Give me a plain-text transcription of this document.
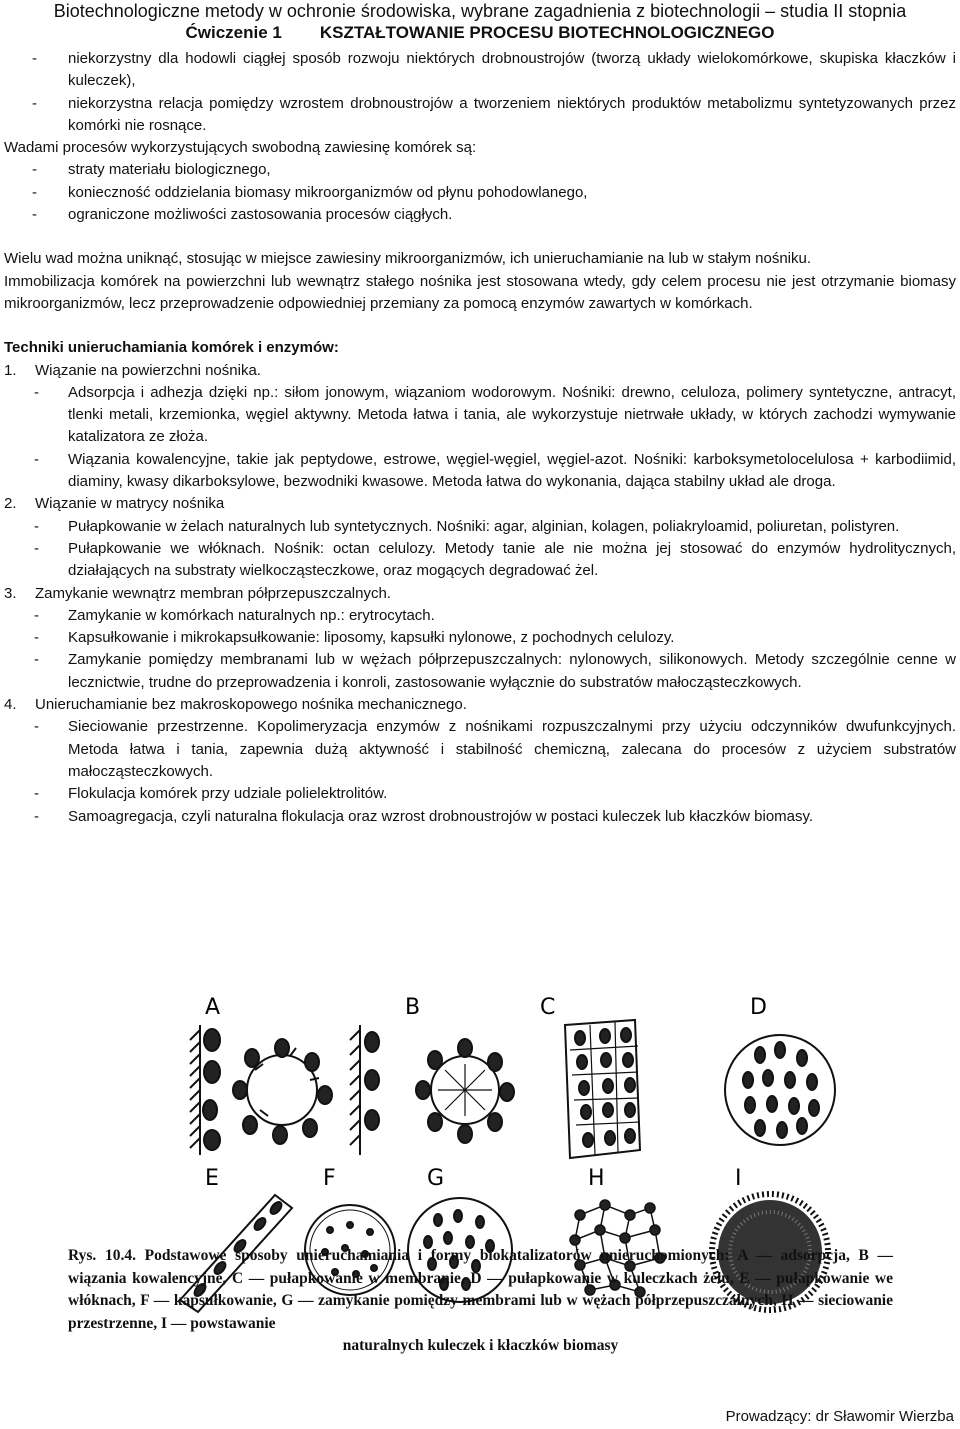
Biotechnologiczne metody w ochronie środowiska, wybrane zagadnienia z biotechnologii – studia II stopnia
Ćwiczenie 1 KSZTAŁTOWANIE PROCESU BIOTECHNOLOGICZNEGO
- niekorzystny dla hodowli ciągłej sposób rozwoju niektórych drobnoustrojów (tworzą układy wielokomórkowe, skupiska kłaczków i kuleczek),
- niekorzystna relacja pomiędzy wzrostem drobnoustrojów a tworzeniem niektórych produktów metabolizmu syntetyzowanych przez komórki nie rosnące.
Wadami procesów wykorzystujących swobodną zawiesinę komórek są:
- straty materiału biologicznego,
- konieczność oddzielania biomasy mikroorganizmów od płynu pohodowlanego,
- ograniczone możliwości zastosowania procesów ciągłych.
Wielu wad można uniknąć, stosując w miejsce zawiesiny mikroorganizmów, ich unieruchamianie na lub w stałym nośniku.
Immobilizacja komórek na powierzchni lub wewnątrz stałego nośnika jest stosowana wtedy, gdy celem procesu nie jest otrzymanie biomasy mikroorganizmów, lecz przeprowadzenie odpowiedniej przemiany za pomocą enzymów zawartych w komórkach.
Techniki unieruchamiania komórek i enzymów:
1. Wiązanie na powierzchni nośnika.
- Adsorpcja i adhezja dzięki np.: siłom jonowym, wiązaniom wodorowym. Nośniki: drewno, celuloza, polimery syntetyczne, antracyt, tlenki metali, krzemionka, węgiel aktywny. Metoda łatwa i tania, ale wykorzystuje nietrwałe układy, w których zachodzi wymywanie katalizatora ze złoża.
- Wiązania kowalencyjne, takie jak peptydowe, estrowe, węgiel-węgiel, węgiel-azot. Nośniki: karboksymetolocelulosa + karbodiimid, diaminy, kwasy dikarboksylowe, bezwodniki kwasowe. Metoda łatwa do wykonania, dająca stabilny układ ale droga.
2. Wiązanie w matrycy nośnika
- Pułapkowanie w żelach naturalnych lub syntetycznych. Nośniki: agar, alginian, kolagen, poliakryloamid, poliuretan, polistyren.
- Pułapkowanie we włóknach. Nośnik: octan celulozy. Metody tanie ale nie można jej stosować do enzymów hydrolitycznych, działających na substraty wielkocząsteczkowe, oraz mogących degradować żel.
3. Zamykanie wewnątrz membran półprzepuszczalnych.
- Zamykanie w komórkach naturalnych np.: erytrocytach.
- Kapsułkowanie i mikrokapsułkowanie: liposomy, kapsułki nylonowe, z pochodnych celulozy.
- Zamykanie pomiędzy membranami lub w wężach półprzepuszczalnych: nylonowych, silikonowych. Metody szczególnie cenne w lecznictwie, trudne do przeprowadzenia i konroli, zastosowanie wyłącznie do substratów małocząsteczkowych.
4. Unieruchamianie bez makroskopowego nośnika mechanicznego.
- Sieciowanie przestrzenne. Kopolimeryzacja enzymów z nośnikami rozpuszczalnymi przy użyciu odczynników dwufunkcyjnych. Metoda łatwa i tania, zapewnia dużą aktywność i stabilność chemiczną, zalecana do procesów z użyciem substratów małocząsteczkowych.
- Flokulacja komórek przy udziale polielektrolitów.
- Samoagregacja, czyli naturalna flokulacja oraz wzrost drobnoustrojów w postaci kuleczek lub kłaczków biomasy.
A	B	C	D
E	F	G	H	I
Rys. 10.4. Podstawowe sposoby unieruchamiania i formy biokatalizatorów unieruchomionych: A — adsorpcja, B — wiązania kowalencyjne, C — pułapkowanie w membranie, D — pułapkowanie w kuleczkach żelu, E — pułapkowanie we włóknach, F — kapsułkowanie, G — zamykanie pomiędzy membrami lub w wężach półprzepuszczalnych, H — sieciowanie przestrzenne, I — powstawanie
naturalnych kuleczek i kłaczków biomasy
Prowadzący: dr Sławomir Wierzba
